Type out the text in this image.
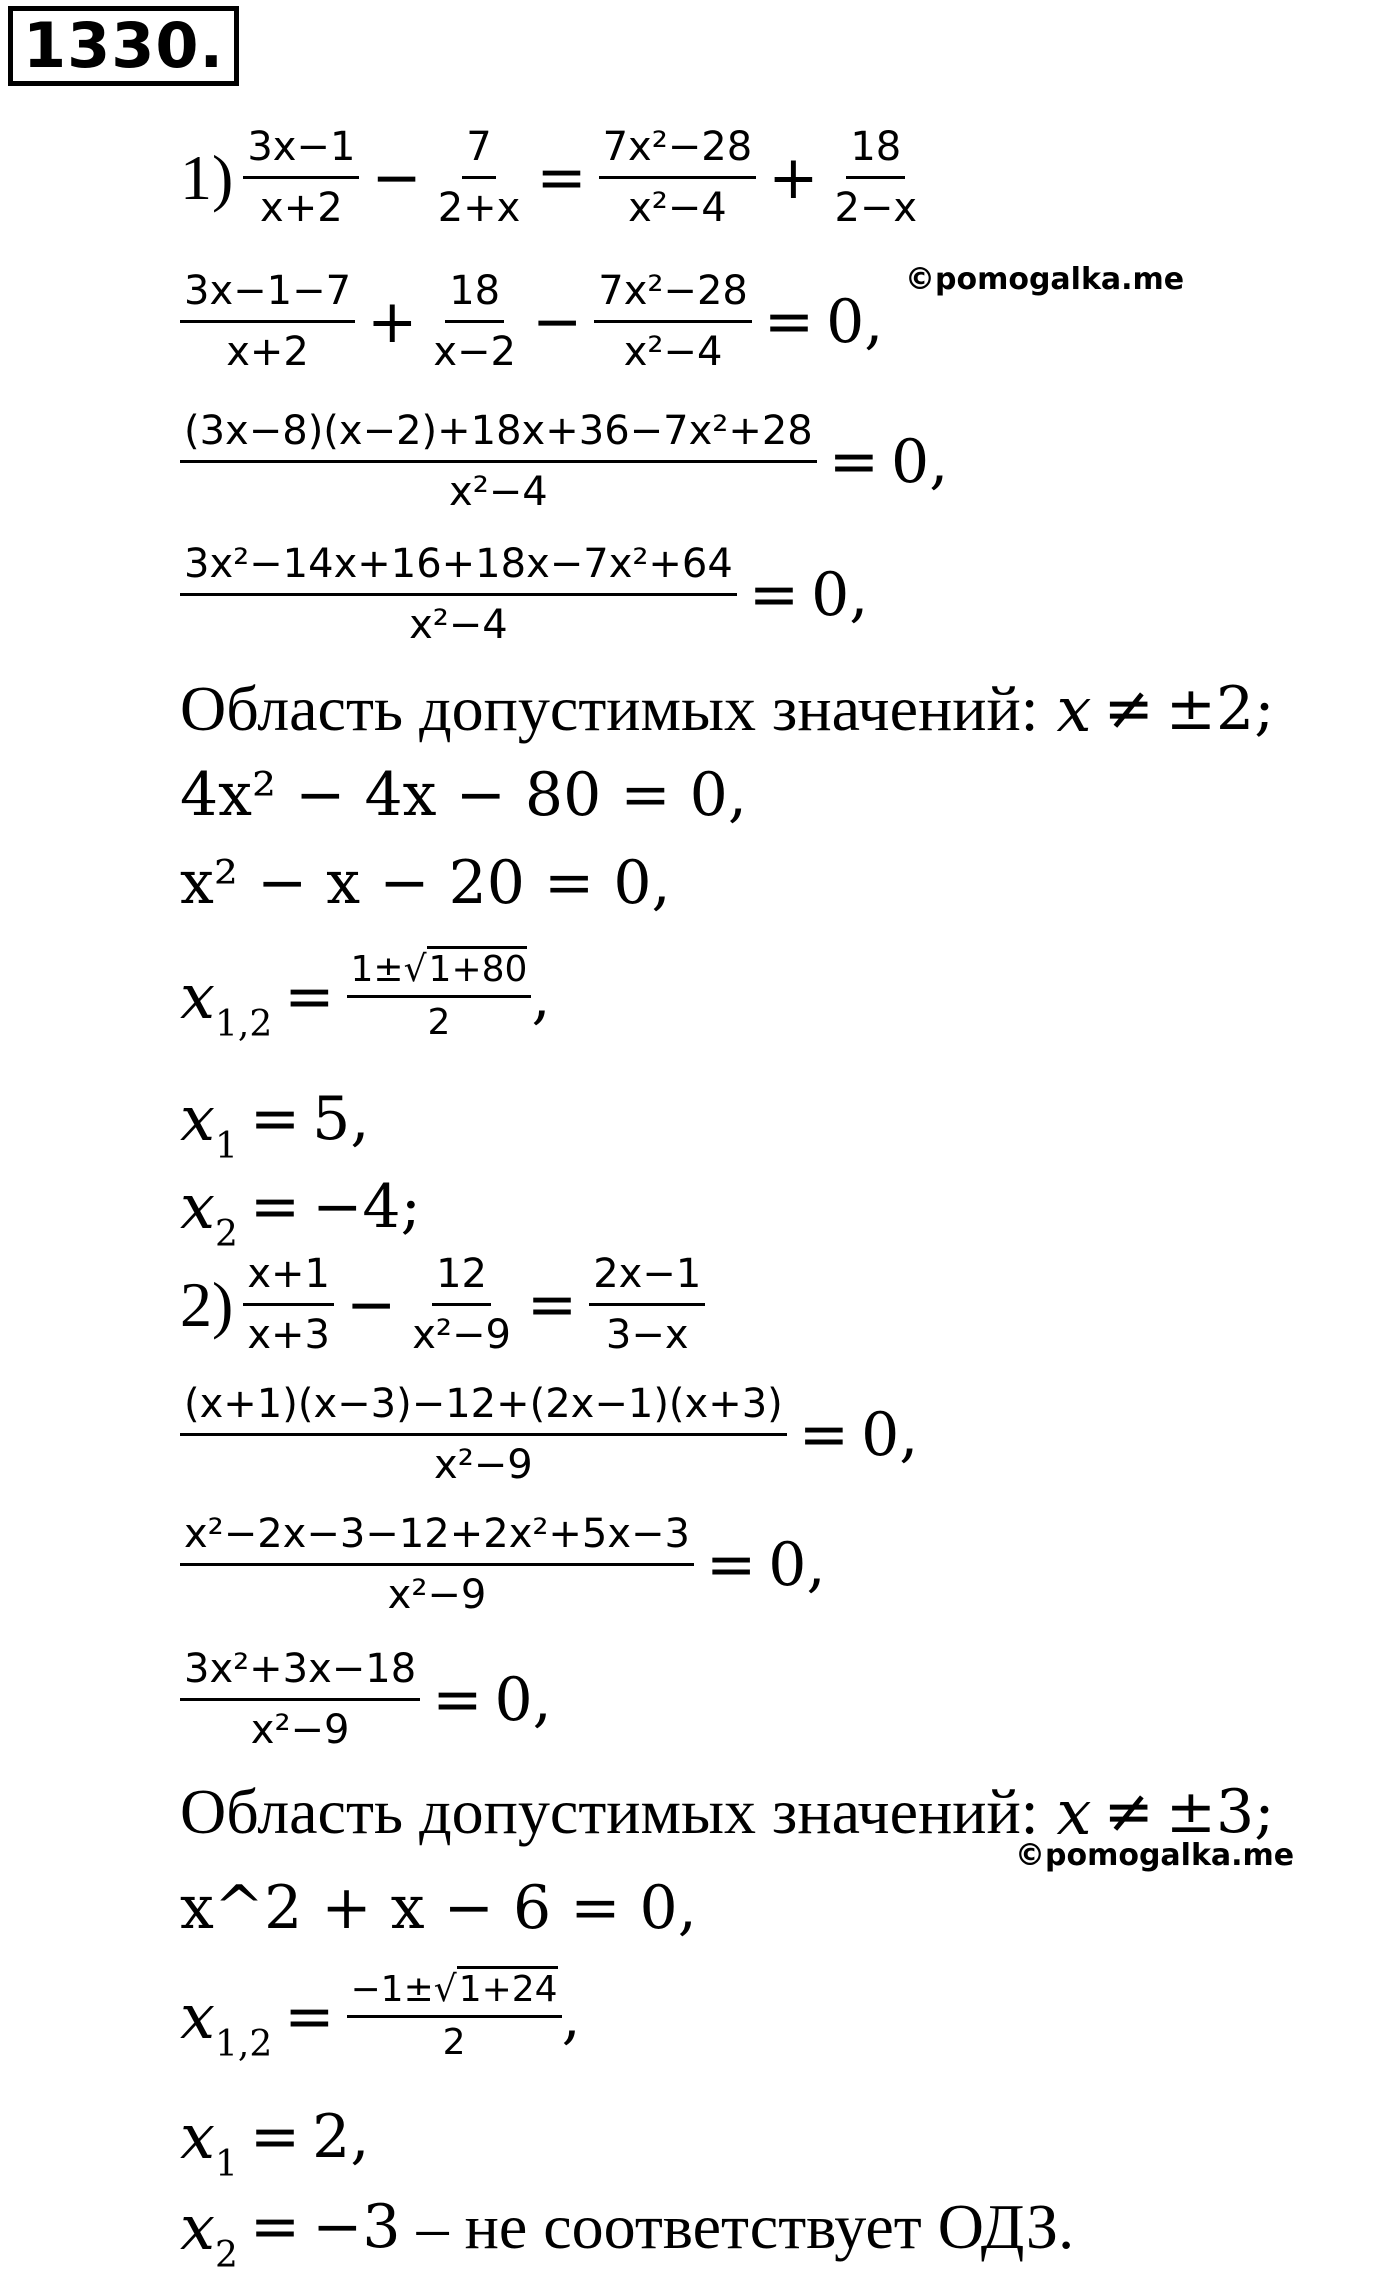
1330.
$1) \frac{3x-1}{x+2} - \frac{7}{2+x} = \frac{\text{7x²−28}}{\text{x²−4}} + \frac{18}{2-x}$
©pomogalka.me
$\frac{3x-1-7}{x+2} + \frac{18}{x-2} - \frac{\text{7x²−28}}{\text{x²−4}} = 0$,
$\frac{\text{(3x−8)(x−2)+18x+36−7x²+28}}{\text{x²−4}} = 0$,
$\frac{\text{3x²−14x+16+18x−7x²+64}}{\text{x²−4}} = 0$,
Область допустимых значений: x ≠ ±2;
4x² − 4x − 80 = 0,
x² − x − 20 = 0,
$x_{1,2} = \frac{1\pm√1+80}{2}$ ,
$x_1 = 5$,
$x_2 = -4$;
$2) \frac{x+1}{x+3} - \frac{12}{\text{x²−9}} = \frac{2x-1}{3-x}$
$\frac{(x+1)(x-3)-12+(2x-1)(x+3)}{\text{x²−9}} = 0$,
$\frac{\text{x²−2x−3−12+2x²+5x−3}}{\text{x²−9}} = 0$,
$\frac{\text{3x²+3x−18}}{\text{x²−9}} = 0$,
Область допустимых значений: x ≠ ±3;
©pomogalka.me
x^2 + x − 6 = 0,
$x_{1,2} = \frac{-1\pm√1+24}{2}$ ,
$x_1 = 2$,
$x_2 = -3$ – не соответствует ОДЗ.
